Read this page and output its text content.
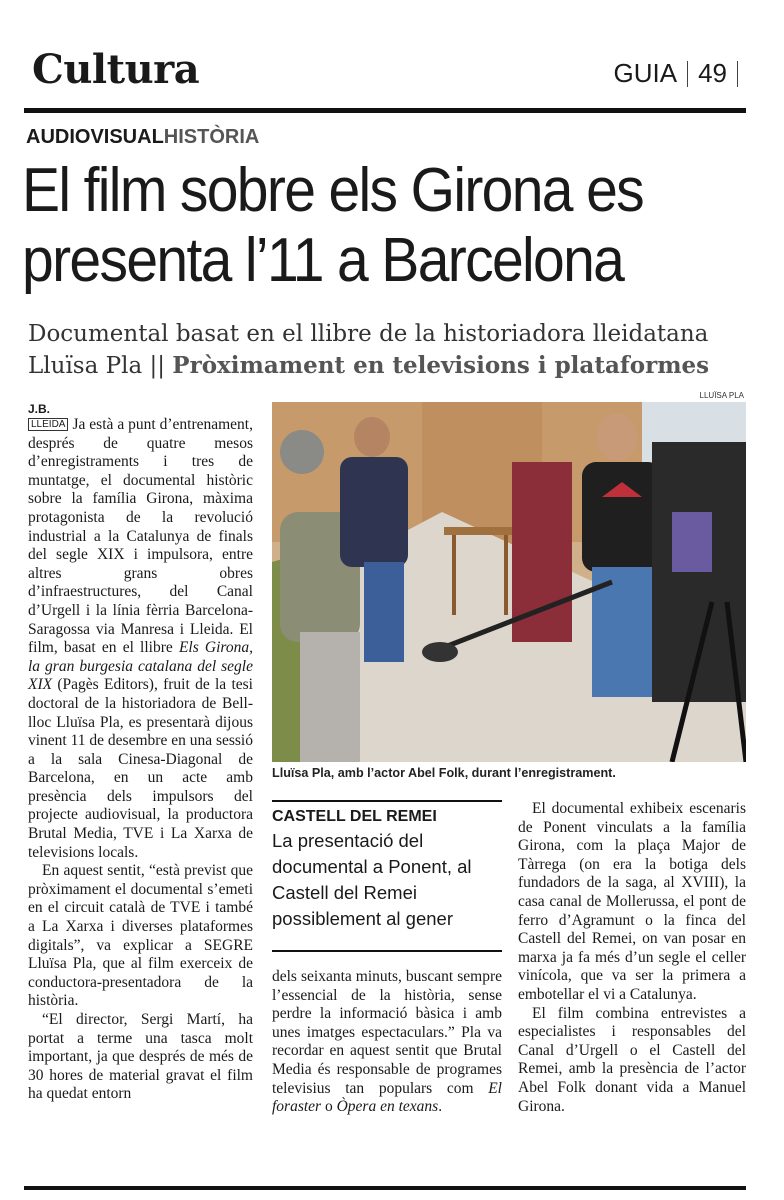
Cultura	GUIA 49
AUDIOVISUALHISTÒRIA
El film sobre els Girona es
presenta l’11 a Barcelona
Documental basat en el llibre de la historiadora lleidatana
Lluïsa Pla || Pròximament en televisions i plataformes
J.B.
LLUÏSA PLA

LLEIDA Ja està a punt d’entrenament, després de quatre mesos d’enregistraments i tres de muntatge, el documental històric sobre la família Girona, màxima protagonista de la revolució industrial a la Catalunya de finals del segle XIX i impulsora, entre altres grans obres d’infraestructures, del Canal d’Urgell i la línia fèrria Barcelona-Saragossa via Manresa i Lleida. El film, basat en el llibre Els Girona, la gran burgesia catalana del segle XIX (Pagès Editors), fruit de la tesi doctoral de la historiadora de Bell-lloc Lluïsa Pla, es presentarà dijous vinent 11 de desembre en una sessió a la sala Cinesa-Diagonal de Barcelona, en un acte amb presència dels impulsors del projecte audiovisual, la productora Brutal Media, TVE i La Xarxa de televisions locals.

En aquest sentit, “està previst que pròximament el documental s’emeti en el circuit català de TVE i també a La Xarxa i diverses plataformes digitals”, va explicar a SEGRE Lluïsa Pla, que al film exerceix de conductora-presentadora de la història.

“El director, Sergi Martí, ha portat a terme una tasca molt important, ja que després de més de 30 hores de material gravat el film ha quedat entorn

Lluïsa Pla, amb l’actor Abel Folk, durant l’enregistrament.
CASTELL DEL REMEI
La presentació del documental a Ponent, al Castell del Remei possiblement al gener

dels seixanta minuts, buscant sempre l’essencial de la història, sense perdre la informació bàsica i amb unes imatges espectaculars.” Pla va recordar en aquest sentit que Brutal Media és responsable de programes televisius tan populars com El foraster o Òpera en texans.

El documental exhibeix escenaris de Ponent vinculats a la família Girona, com la plaça Major de Tàrrega (on era la botiga dels fundadors de la saga, al XVIII), la casa canal de Mollerussa, el pont de ferro d’Agramunt o la finca del Castell del Remei, on van posar en marxa ja fa més d’un segle el celler vinícola, que va ser la primera a embotellar el vi a Catalunya.

El film combina entrevistes a especialistes i responsables del Canal d’Urgell o el Castell del Remei, amb la presència de l’actor Abel Folk donant vida a Manuel Girona.
